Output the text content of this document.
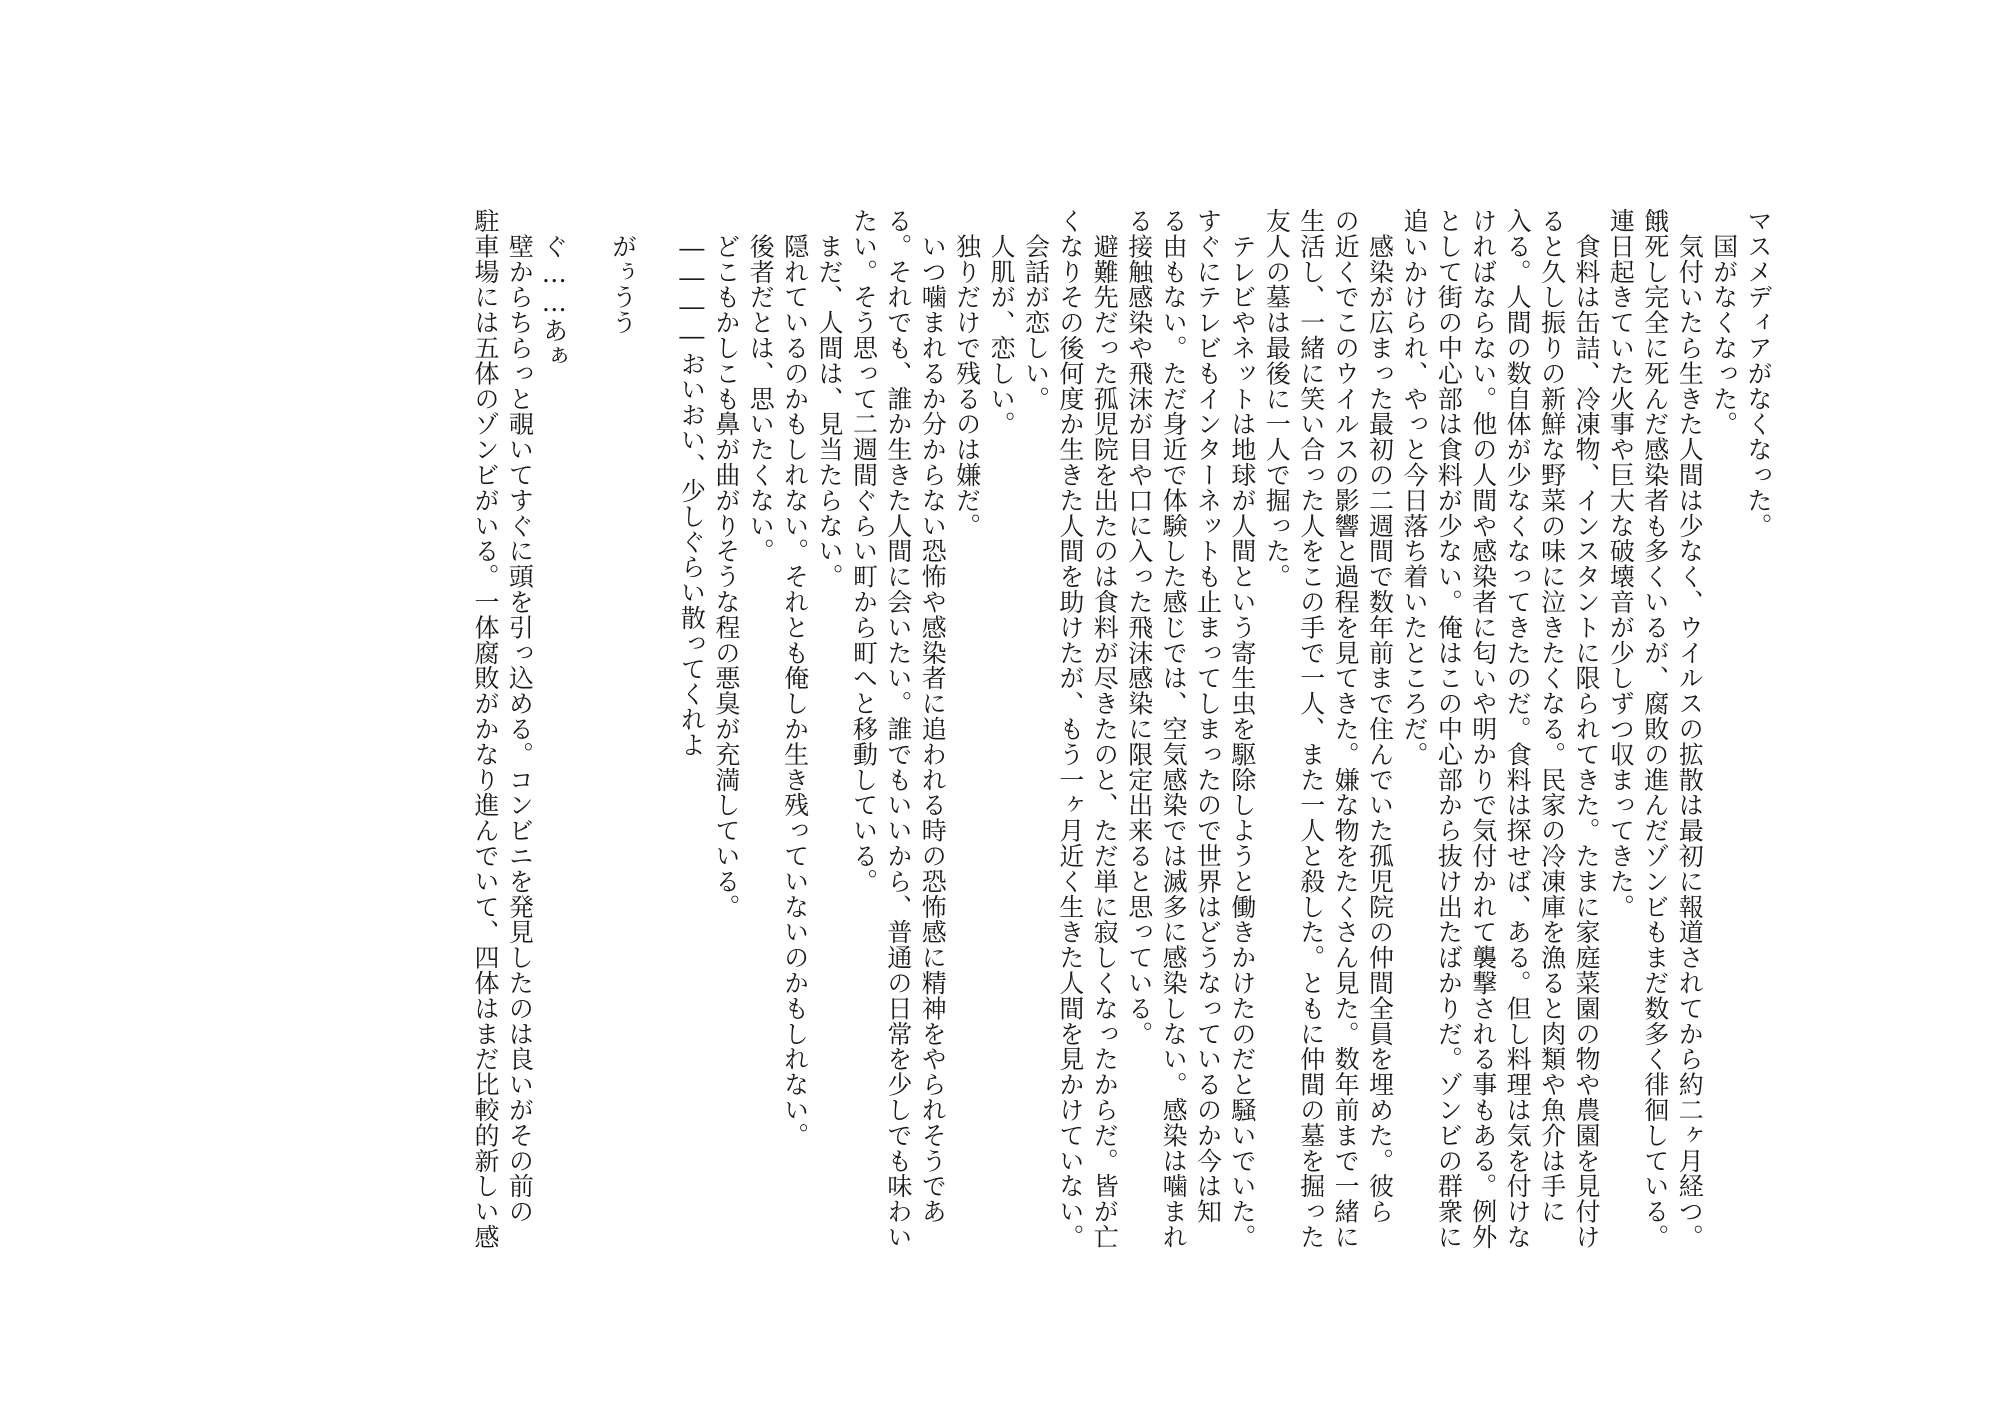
マスメディアがなくなった。
　国がなくなった。
　気付いたら生きた人間は少なく、ウイルスの拡散は最初に報道されてから約二ヶ月経つ。
餓死し完全に死んだ感染者も多くいるが、腐敗の進んだゾンビもまだ数多く徘徊している。
連日起きていた火事や巨大な破壊音が少しずつ収まってきた。
　食料は缶詰、冷凍物、インスタントに限られてきた。たまに家庭菜園の物や農園を見付け
ると久し振りの新鮮な野菜の味に泣きたくなる。民家の冷凍庫を漁ると肉類や魚介は手に
入る。人間の数自体が少なくなってきたのだ。食料は探せば、ある。但し料理は気を付けな
ければならない。他の人間や感染者に匂いや明かりで気付かれて襲撃される事もある。例外
として街の中心部は食料が少ない。俺はこの中心部から抜け出たばかりだ。ゾンビの群衆に
追いかけられ、やっと今日落ち着いたところだ。
　感染が広まった最初の二週間で数年前まで住んでいた孤児院の仲間全員を埋めた。彼ら
の近くでこのウイルスの影響と過程を見てきた。嫌な物をたくさん見た。数年前まで一緒に
生活し、一緒に笑い合った人をこの手で一人、また一人と殺した。ともに仲間の墓を掘った
友人の墓は最後に一人で掘った。
　テレビやネットは地球が人間という寄生虫を駆除しようと働きかけたのだと騒いでいた。
すぐにテレビもインターネットも止まってしまったので世界はどうなっているのか今は知
る由もない。ただ身近で体験した感じでは、空気感染では滅多に感染しない。感染は噛まれ
る接触感染や飛沫が目や口に入った飛沫感染に限定出来ると思っている。
　避難先だった孤児院を出たのは食料が尽きたのと、ただ単に寂しくなったからだ。皆が亡
くなりその後何度か生きた人間を助けたが、もう一ヶ月近く生きた人間を見かけていない。
　会話が恋しい。
　人肌が、恋しい。
　独りだけで残るのは嫌だ。
　いつ噛まれるか分からない恐怖や感染者に追われる時の恐怖感に精神をやられそうであ
る。それでも、誰か生きた人間に会いたい。誰でもいいから、普通の日常を少しでも味わい
たい。そう思って二週間ぐらい町から町へと移動している。
　まだ、人間は、見当たらない。
　隠れているのかもしれない。それとも俺しか生き残っていないのかもしれない。
　後者だとは、思いたくない。
　どこもかしこも鼻が曲がりそうな程の悪臭が充満している。
　――――おいおい、少しぐらい散ってくれよ

　がぅうう

　ぐ……あぁ
　壁からちらっと覗いてすぐに頭を引っ込める。コンビニを発見したのは良いがその前の
駐車場には五体のゾンビがいる。一体腐敗がかなり進んでいて、四体はまだ比較的新しい感
